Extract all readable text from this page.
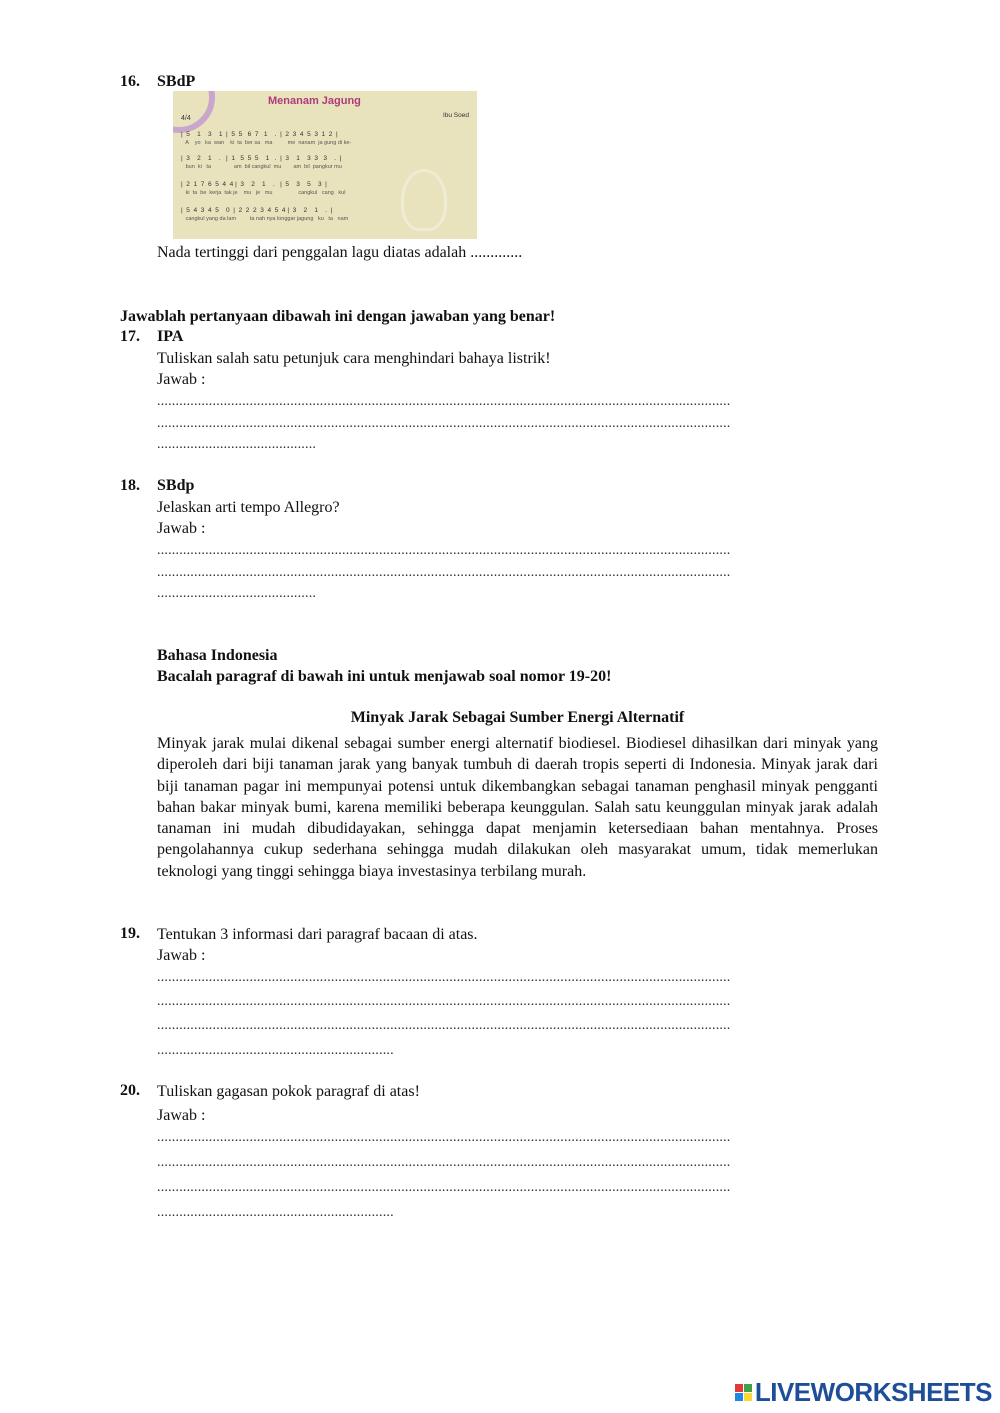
16. SBdP
Menanam Jagung
Ibu Soed
4/4
|  5    1    3    1  |  5  5   6  7   1    .  |  2  3  4  5  3  1  2  |
A    yo   ka  wan    ki  ta  ber sa   ma          me  nanam  ja gung di ke-
|  3    2    1    .   |  1   5  5  5    1   .  |  3    1    3  3   3    .  |
bun  ki   ta               am  bil cangkul  mu        am  bil  pangkur mu
|  2  1  7  6  5  4  4 |  3    2    1    .   |  5    3    5    3  |
ki  ta  be  kerja  tak je    mu   je   mu                 cangkul   cang   kul
|  5  4  3  4  5    0  |  2  2  2  3  4  5  4 |  3    2    1    .  |
cangkul yang da lam         ta nah nya longgar jagung   ku   ta   nam
Nada tertinggi dari penggalan lagu diatas adalah .............
Jawablah pertanyaan dibawah ini dengan jawaban yang benar!
17. IPA
Tuliskan salah satu petunjuk cara menghindari bahaya listrik!
Jawab :
...........................................................................................................................................................
...........................................................................................................................................................
...........................................
18. SBdp
Jelaskan arti tempo Allegro?
Jawab :
...........................................................................................................................................................
...........................................................................................................................................................
...........................................
Bahasa Indonesia
Bacalah paragraf di bawah ini untuk menjawab soal nomor 19-20!
Minyak Jarak Sebagai Sumber Energi Alternatif
Minyak jarak mulai dikenal sebagai sumber energi alternatif biodiesel. Biodiesel dihasilkan dari minyak yang diperoleh dari biji tanaman jarak yang banyak tumbuh di daerah tropis seperti di Indonesia. Minyak jarak dari biji tanaman pagar ini mempunyai potensi untuk dikembangkan sebagai tanaman penghasil minyak pengganti bahan bakar minyak bumi, karena memiliki beberapa keunggulan. Salah satu keunggulan minyak jarak adalah tanaman ini mudah dibudidayakan, sehingga dapat menjamin ketersediaan bahan mentahnya. Proses pengolahannya cukup sederhana sehingga mudah dilakukan oleh masyarakat umum, tidak memerlukan teknologi yang tinggi sehingga biaya investasinya terbilang murah.
19.	Tentukan 3 informasi dari paragraf bacaan di atas.
Jawab :
...........................................................................................................................................................
...........................................................................................................................................................
...........................................................................................................................................................
................................................................
20.	Tuliskan gagasan pokok paragraf di atas!
Jawab :
...........................................................................................................................................................
...........................................................................................................................................................
...........................................................................................................................................................
................................................................
LIVEWORKSHEETS
